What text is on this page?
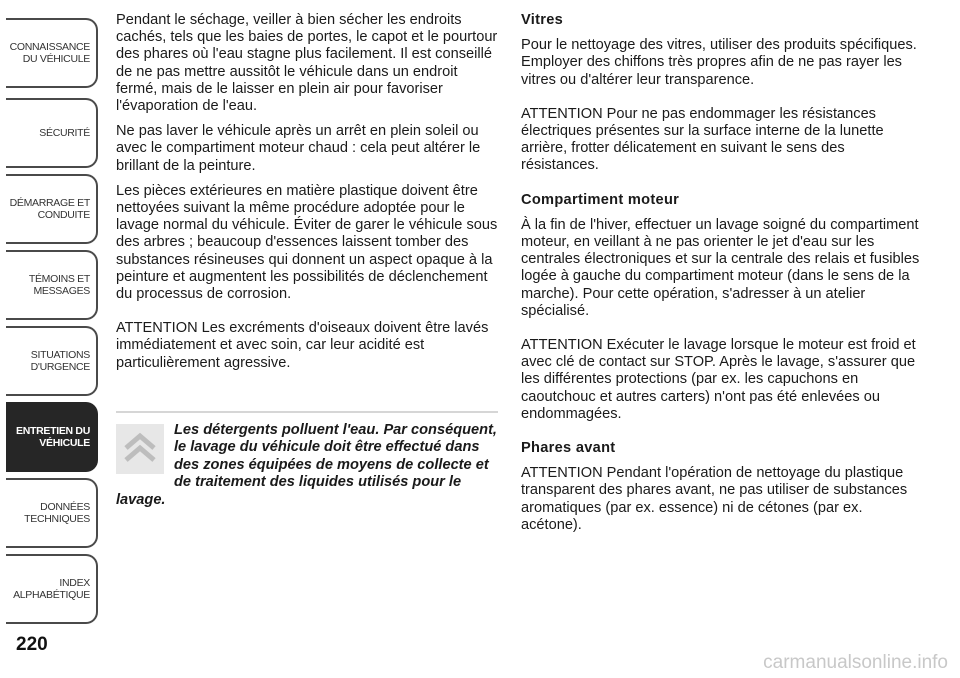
CONNAISSANCE
DU VÉHICULE
SÉCURITÉ
DÉMARRAGE ET
CONDUITE
TÉMOINS ET
MESSAGES
SITUATIONS
D'URGENCE
ENTRETIEN DU
VÉHICULE
DONNÉES
TECHNIQUES
INDEX
ALPHABÉTIQUE
220

Pendant le séchage, veiller à bien sécher les endroits cachés, tels que les baies de portes, le capot et le pourtour des phares où l'eau stagne plus facilement. Il est conseillé de ne pas mettre aussitôt le véhicule dans un endroit fermé, mais de le laisser en plein air pour favoriser l'évaporation de l'eau.

Ne pas laver le véhicule après un arrêt en plein soleil ou avec le compartiment moteur chaud : cela peut altérer le brillant de la peinture.

Les pièces extérieures en matière plastique doivent être nettoyées suivant la même procédure adoptée pour le lavage normal du véhicule. Éviter de garer le véhicule sous des arbres ; beaucoup d'essences laissent tomber des substances résineuses qui donnent un aspect opaque à la peinture et augmentent les possibilités de déclenchement du processus de corrosion.

ATTENTION Les excréments d'oiseaux doivent être lavés immédiatement et avec soin, car leur acidité est particulièrement agressive.

Les détergents polluent l'eau. Par conséquent, le lavage du véhicule doit être effectué dans des zones équipées de moyens de collecte et de traitement des liquides utilisés pour le lavage.

Vitres

Pour le nettoyage des vitres, utiliser des produits spécifiques. Employer des chiffons très propres afin de ne pas rayer les vitres ou d'altérer leur transparence.

ATTENTION Pour ne pas endommager les résistances électriques présentes sur la surface interne de la lunette arrière, frotter délicatement en suivant le sens des résistances.

Compartiment moteur

À la fin de l'hiver, effectuer un lavage soigné du compartiment moteur, en veillant à ne pas orienter le jet d'eau sur les centrales électroniques et sur la centrale des relais et fusibles logée à gauche du compartiment moteur (dans le sens de la marche). Pour cette opération, s'adresser à un atelier spécialisé.

ATTENTION Exécuter le lavage lorsque le moteur est froid et avec clé de contact sur STOP. Après le lavage, s'assurer que les différentes protections (par ex. les capuchons en caoutchouc et autres carters) n'ont pas été enlevées ou endommagées.

Phares avant

ATTENTION Pendant l'opération de nettoyage du plastique transparent des phares avant, ne pas utiliser de substances aromatiques (par ex. essence) ni de cétones (par ex. acétone).

carmanualsonline.info
